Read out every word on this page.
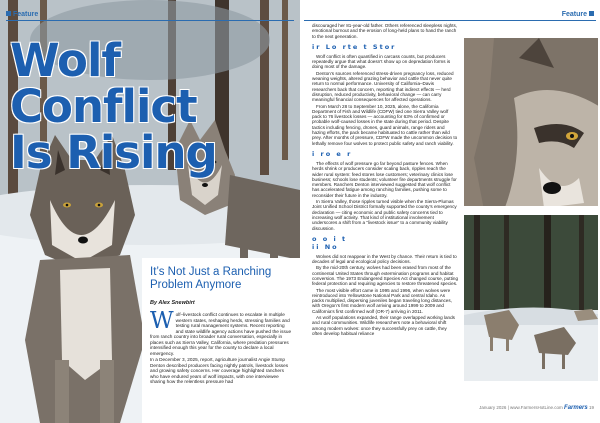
Feature
Wolf Conflict
Is Rising
It’s Not Just a Ranching Problem Anymore
By Alex Snewbirt

Wolf–livestock conflict continues to escalate in multiple western states, reshaping herds, stressing families and testing rural management systems. Recent reporting and state wildlife agency actions have pushed the issue from ranch country into broader rural conversation, especially in places such as Sierra Valley, California, where predation pressures intensified enough this year for the county to declare a local emergency.

In a December 3, 2025, report, agriculture journalist Angie Stump Denton described producers facing nightly patrols, livestock losses and growing safety concerns. Her coverage highlighted ranchers who have endured years of wolf impacts, with one interviewee sharing how the relentless pressure had

Feature

discouraged her 81-year-old father. Others referenced sleepless nights, emotional burnout and the erosion of long-held plans to hand the ranch to the next generation.

ir Lo rte t Stor

Wolf conflict is often quantified in carcass counts, but producers repeatedly argue that what doesn’t show up on depredation forms is doing most of the damage.

Denton’s sources referenced stress-driven pregnancy loss, reduced weaning weights, altered grazing behavior and cattle that never quite return to normal performance. University of California–Davis researchers back that concern, reporting that indirect effects — herd disruption, reduced productivity, behavioral change — can carry meaningful financial consequences for affected operations.

From March 28 to September 10, 2025, alone, the California Department of Fish and Wildlife (CDFW) tied one Sierra Valley wolf pack to 76 livestock losses — accounting for 63% of confirmed or probable wolf-caused losses in the state during that period. Despite tactics including fencing, drones, guard animals, range riders and hazing efforts, the pack became habituated to cattle rather than wild prey. After months of pressure, CDFW made the uncommon decision to lethally remove four wolves to protect public safety and ranch viability.

i ro e r

The effects of wolf pressure go far beyond pasture fences. When herds shrink or producers consider scaling back, ripples reach the wider rural system: feed stores lose customers; veterinary clinics lose business; schools lose students; volunteer fire departments struggle for members. Ranchers Denton interviewed suggested that wolf conflict has accelerated fatigue among ranching families, pushing some to reconsider their future in the industry.

In Sierra Valley, those ripples turned visible when the Sierra-Plumas Joint Unified School District formally supported the county’s emergency declaration — citing economic and public safety concerns tied to increasing wolf activity. That kind of institutional involvement underscores a shift from a “livestock issue” to a community viability discussion.

o o i t
ii No

Wolves did not reappear in the West by chance. Their return is tied to decades of legal and ecological policy decisions.

By the mid-20th century, wolves had been erased from most of the continental United States through extermination programs and habitat conversion. The 1973 Endangered Species Act changed course, putting federal protection and requiring agencies to restore threatened species.

The most visible effort came in 1995 and 1996, when wolves were reintroduced into Yellowstone National Park and central Idaho. As packs multiplied, dispersing juveniles began traveling long distances, with Oregon’s first modern wolf arriving around 1999 to 2009 and California’s first confirmed wolf (OR-7) arriving in 2011.

As wolf populations expanded, their range overlapped working lands and rural communities. Wildlife researchers note a behavioral shift among modern wolves: once they successfully prey on cattle, they often develop habitual reliance

January 2026 | www.FarmersHotLine.com Farmers 19
